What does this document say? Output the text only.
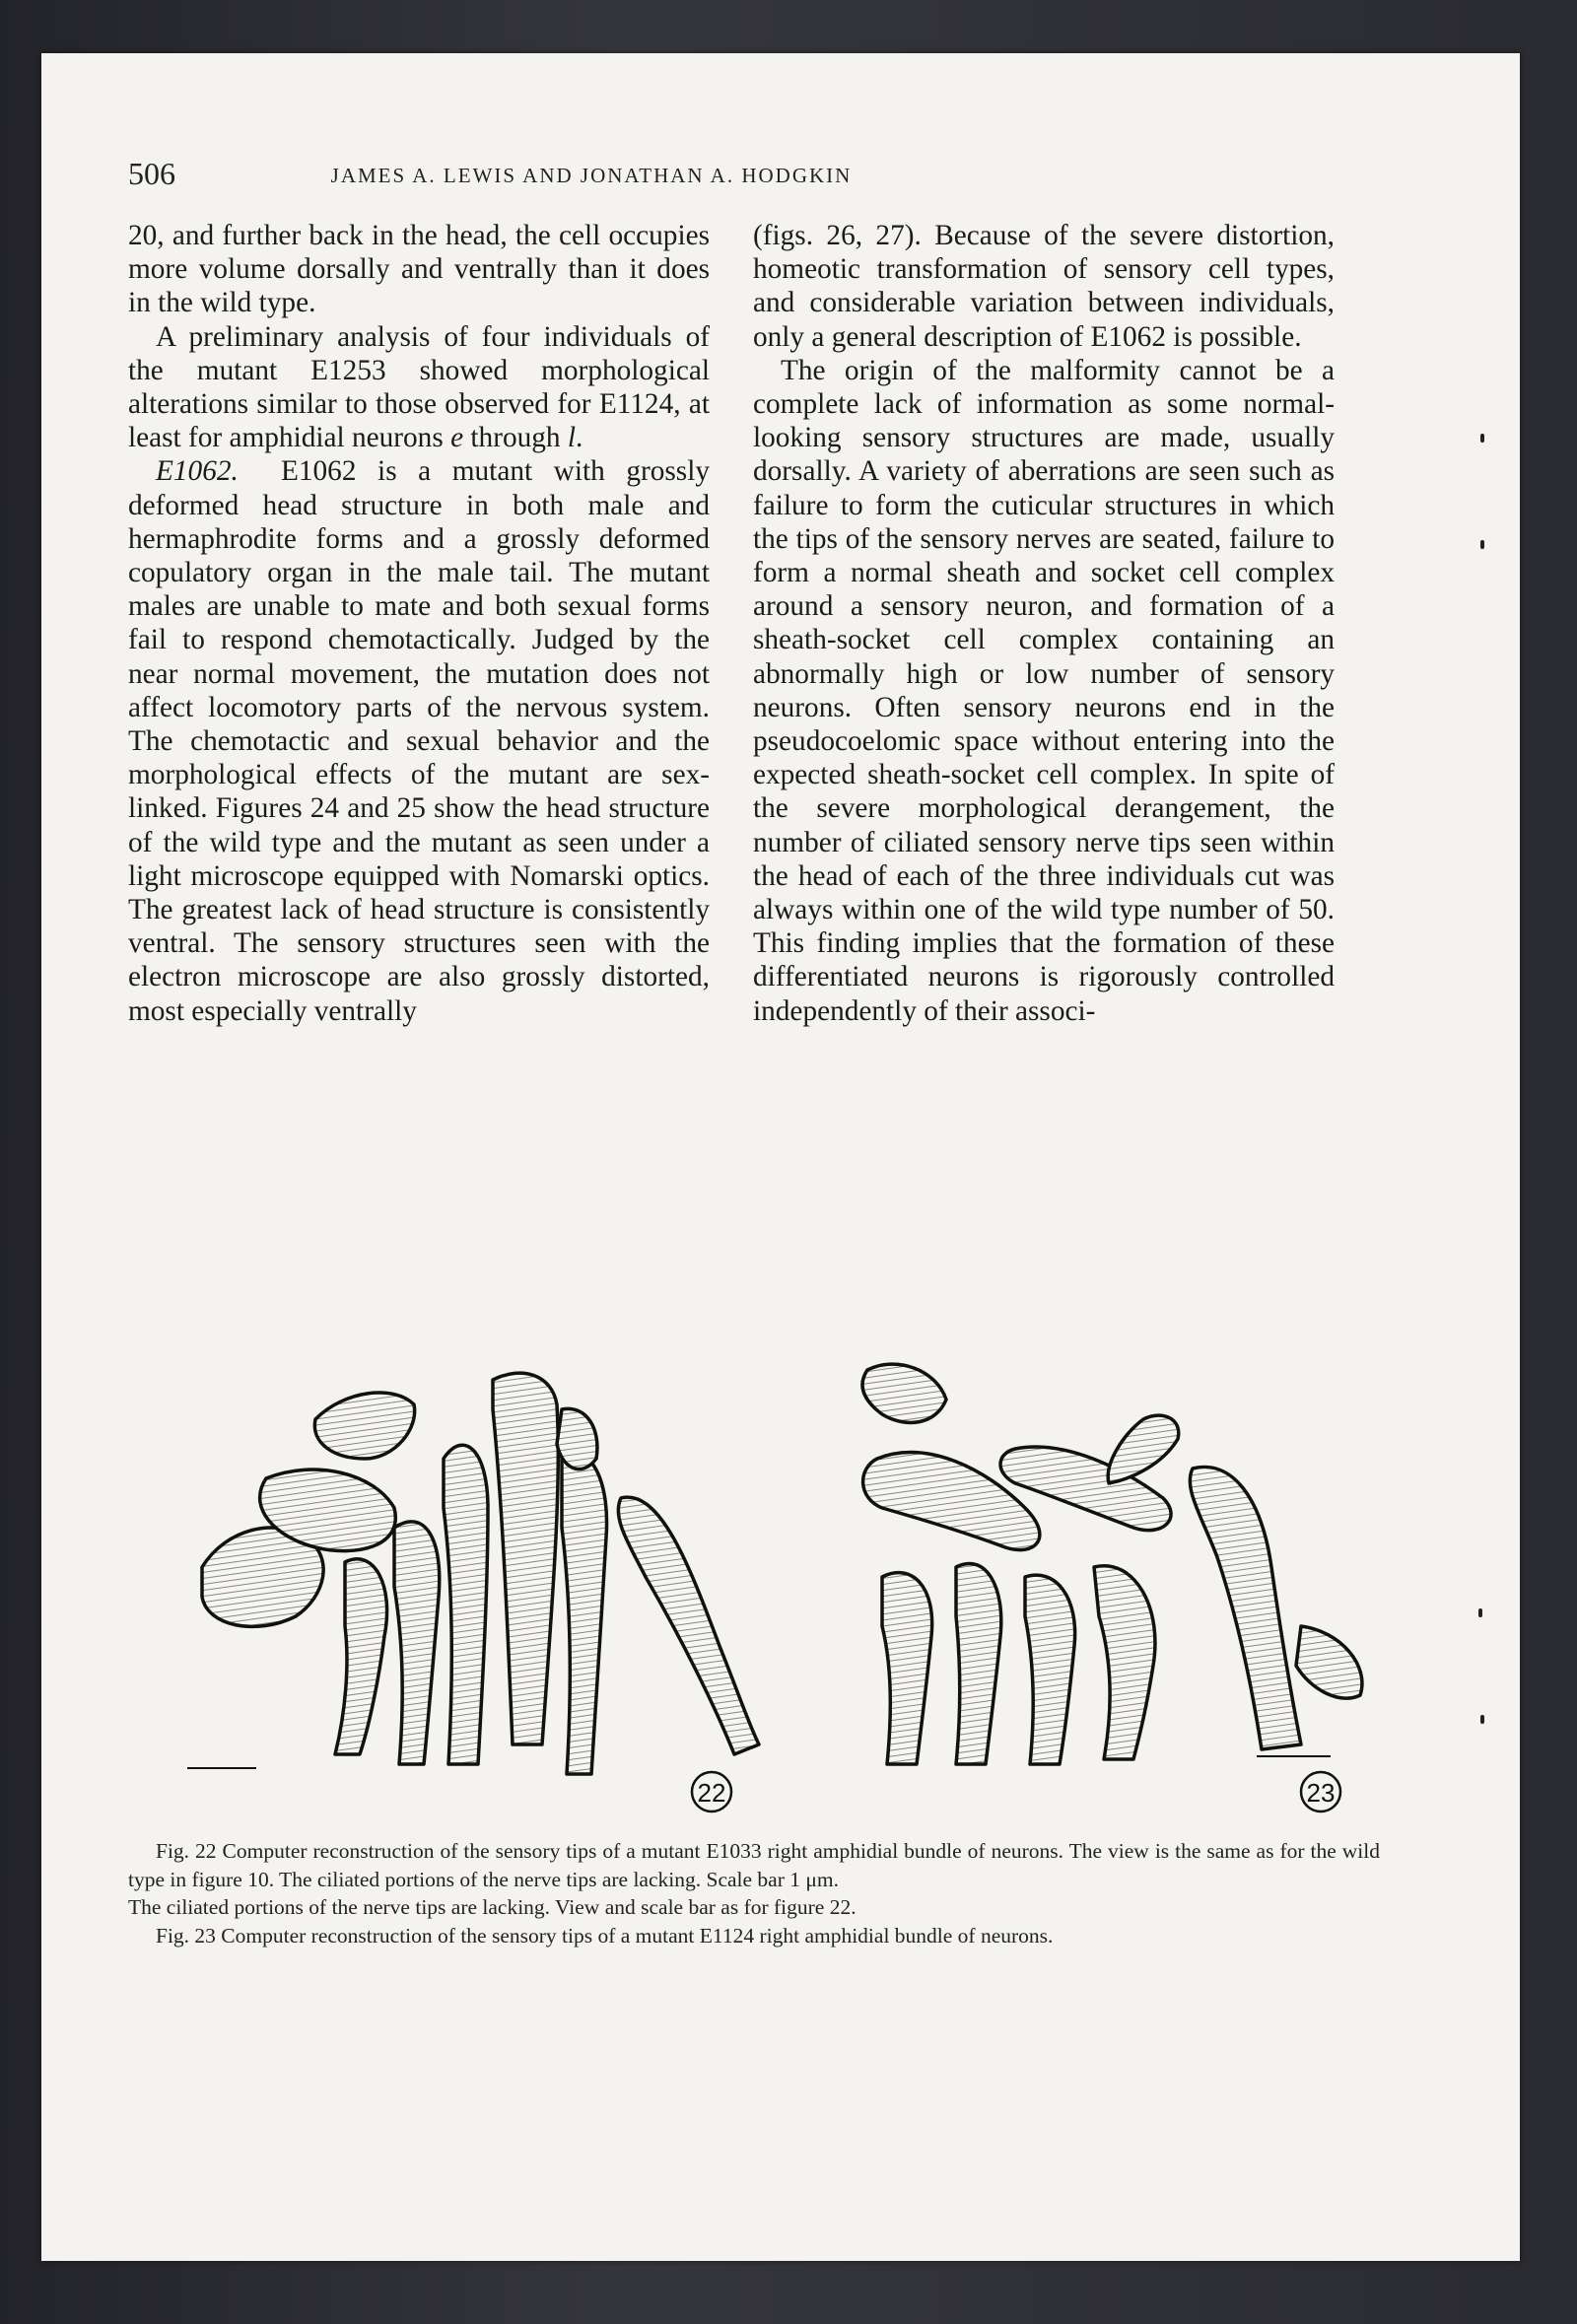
506	JAMES A. LEWIS AND JONATHAN A. HODGKIN

20, and further back in the head, the cell occupies more volume dorsally and ventrally than it does in the wild type.

A preliminary analysis of four individuals of the mutant E1253 showed morphological alterations similar to those observed for E1124, at least for amphidial neurons e through l.

E1062. E1062 is a mutant with grossly deformed head structure in both male and hermaphrodite forms and a grossly deformed copulatory organ in the male tail. The mutant males are unable to mate and both sexual forms fail to respond chemotactically. Judged by the near normal movement, the mutation does not affect locomotory parts of the nervous system. The chemotactic and sexual behavior and the morphological effects of the mutant are sex-linked. Figures 24 and 25 show the head structure of the wild type and the mutant as seen under a light microscope equipped with Nomarski optics. The greatest lack of head structure is consistently ventral. The sensory structures seen with the electron microscope are also grossly distorted, most especially ventrally

(figs. 26, 27). Because of the severe distortion, homeotic transformation of sensory cell types, and considerable variation between individuals, only a general description of E1062 is possible.

The origin of the malformity cannot be a complete lack of information as some normal-looking sensory structures are made, usually dorsally. A variety of aberrations are seen such as failure to form the cuticular structures in which the tips of the sensory nerves are seated, failure to form a normal sheath and socket cell complex around a sensory neuron, and formation of a sheath-socket cell complex containing an abnormally high or low number of sensory neurons. Often sensory neurons end in the pseudocoelomic space without entering into the expected sheath-socket cell complex. In spite of the severe morphological derangement, the number of ciliated sensory nerve tips seen within the head of each of the three individuals cut was always within one of the wild type number of 50. This finding implies that the formation of these differentiated neurons is rigorously controlled independently of their associ-

22	23

Fig. 22 Computer reconstruction of the sensory tips of a mutant E1033 right amphidial bundle of neurons. The view is the same as for the wild type in figure 10. The ciliated portions of the nerve tips are lacking. Scale bar 1 μm.

The ciliated portions of the nerve tips are lacking. View and scale bar as for figure 22.

Fig. 23 Computer reconstruction of the sensory tips of a mutant E1124 right amphidial bundle of neurons.
